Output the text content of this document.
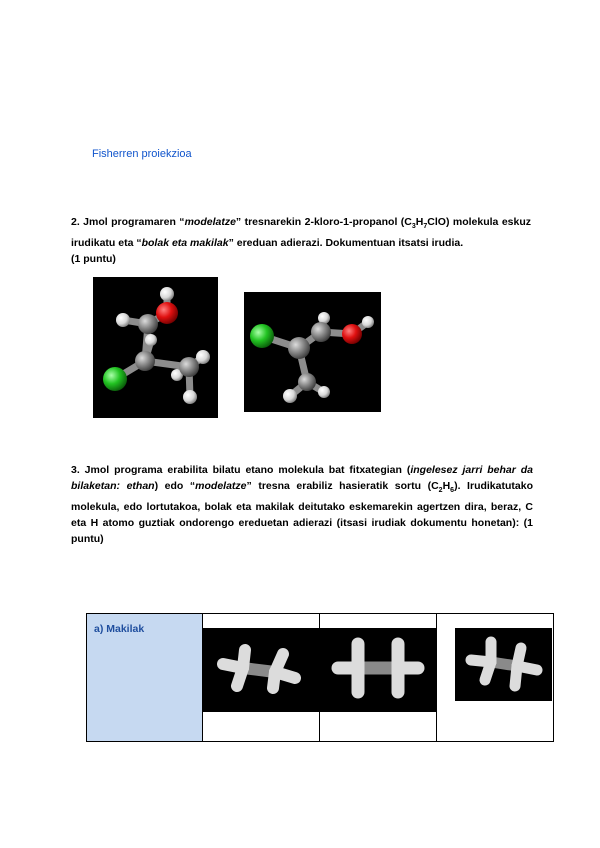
Fisherren proiekzioa
2. Jmol programaren “modelatze” tresnarekin 2-kloro-1-propanol $(C_3H_7ClO)$ molekula eskuz irudikatu eta “bolak eta makilak” ereduan adierazi. Dokumentuan itsatsi irudia.
(1 puntu)
3. Jmol programa erabilita bilatu etano molekula bat fitxategian (ingelesez jarri behar da bilaketan: ethan) edo “modelatze” tresna erabiliz hasieratik sortu $(C_2H_6)$. Irudikatutako molekula, edo lortutakoa, bolak eta makilak deitutako eskemarekin agertzen dira, beraz, C eta H atomo guztiak ondorengo ereduetan adierazi (itsasi irudiak dokumentu honetan): (1 puntu)
a) Makilak
